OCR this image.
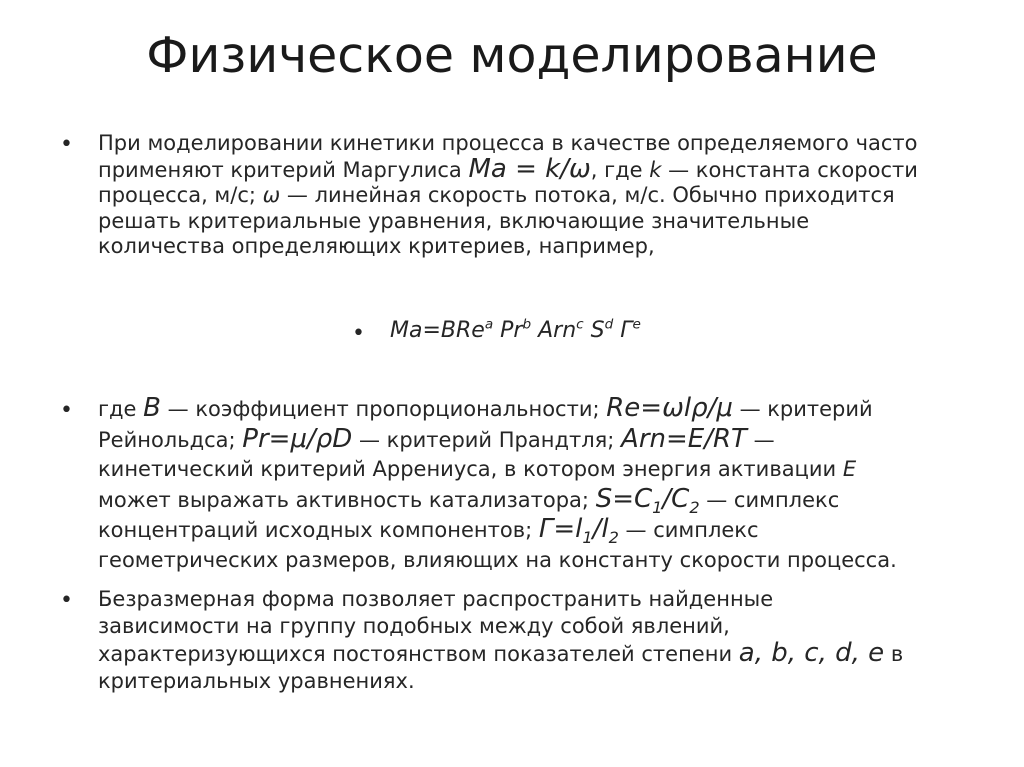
Физическое моделирование
• При моделировании кинетики процесса в качестве определяемого часто
применяют критерий Маргулиса Ma = k/ω, где k — константа скорости
процесса, м/с; ω — линейная скорость потока, м/с. Обычно приходится
решать критериальные уравнения, включающие значительные
количества определяющих критериев, например,
• Ma=BRe$^a$ Pr$^b$ Arn$^c$ $S^d$ $Г^e$
• где B — коэффициент пропорциональности; Re=ωlρ/μ — критерий
Рейнольдса; Pr=μ/ρD — критерий Прандтля; Arn=E/RT —
кинетический критерий Аррениуса, в котором энергия активации E
может выражать активность катализатора; $S=C_1/C_2$ — симплекс
концентраций исходных компонентов; $Г=l_1/l_2$ — симплекс
геометрических размеров, влияющих на константу скорости процесса.
• Безразмерная форма позволяет распространить найденные
зависимости на группу подобных между собой явлений,
характеризующихся постоянством показателей степени a, b, c, d, e в
критериальных уравнениях.
